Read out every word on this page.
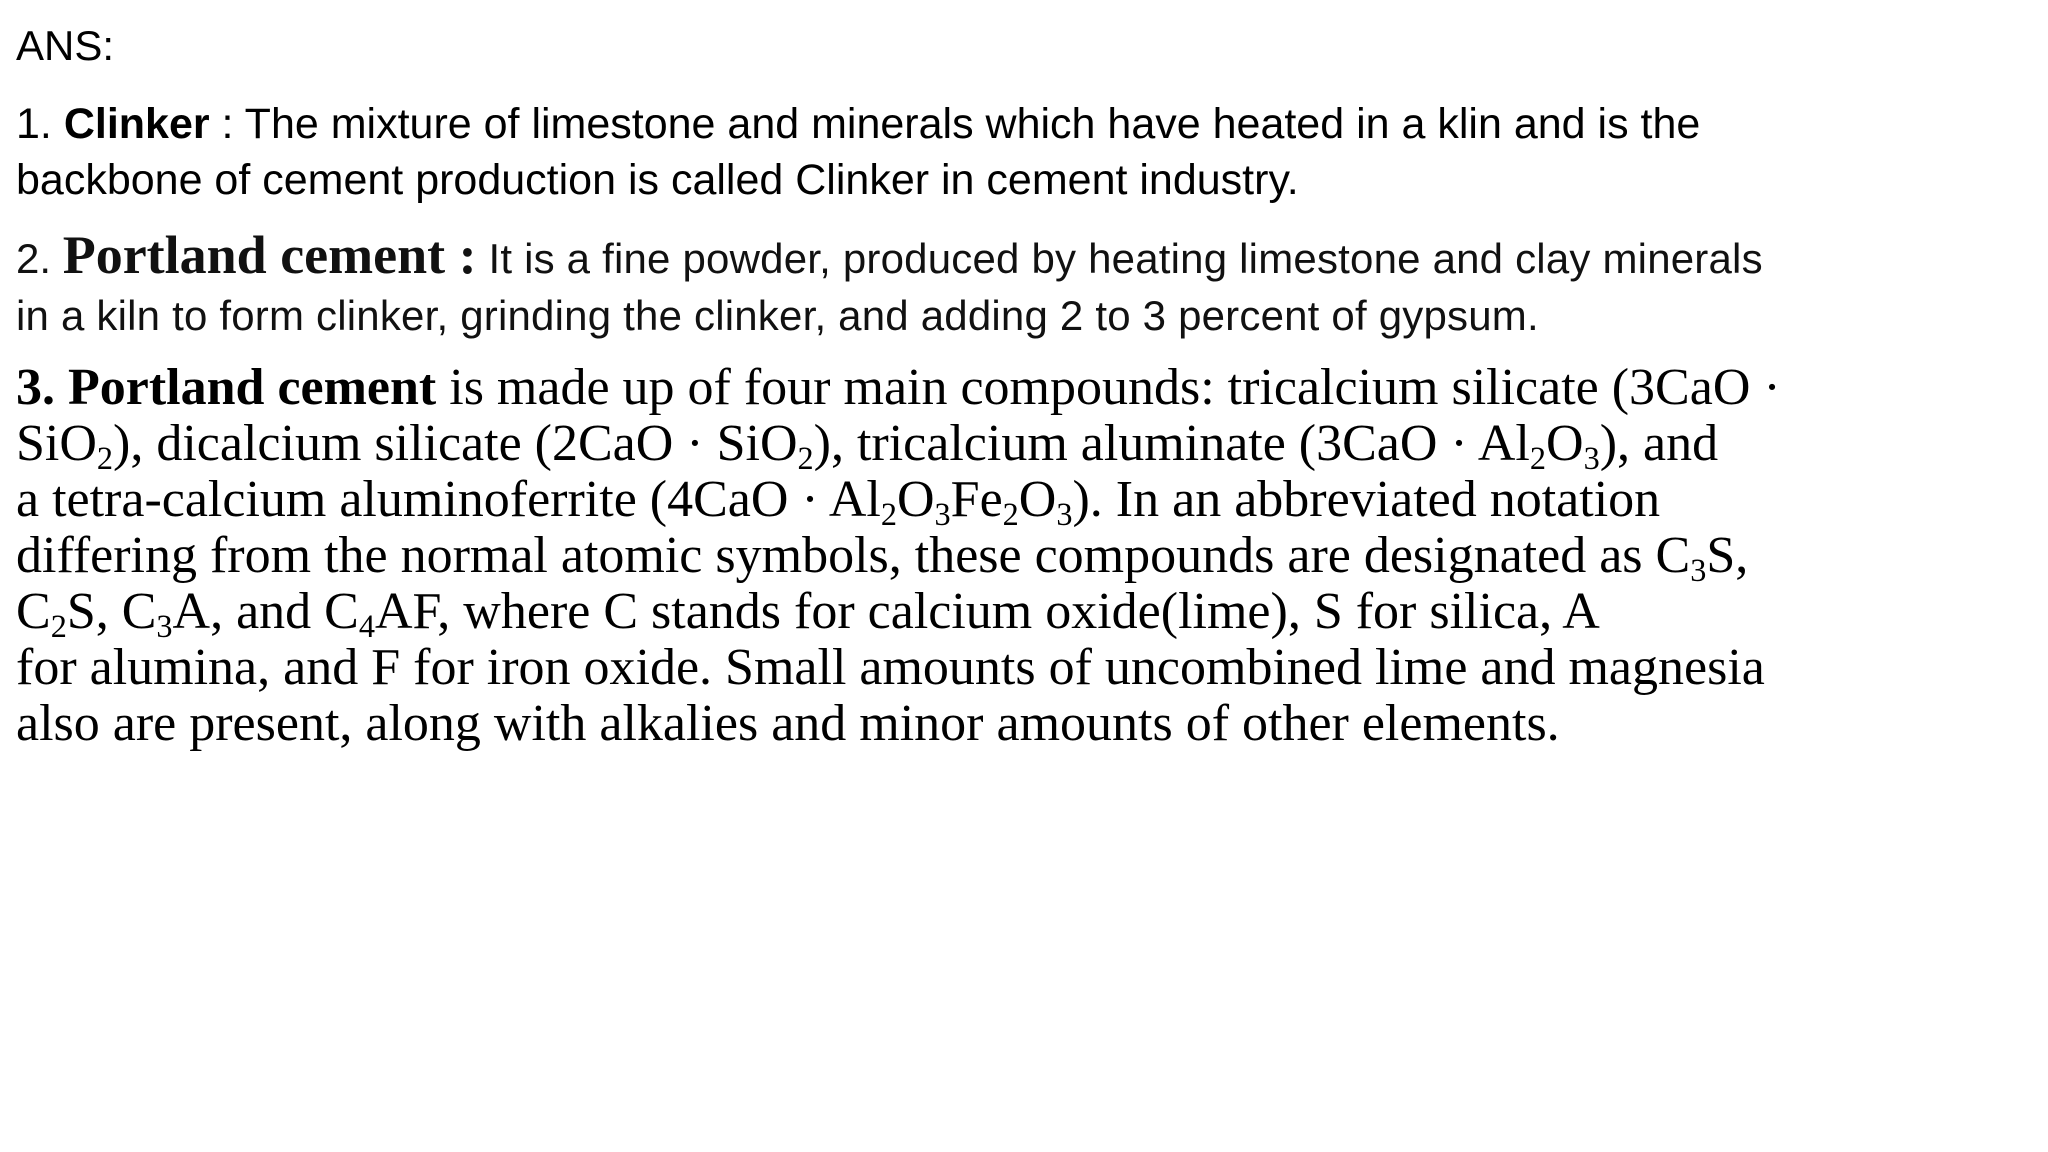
ANS:
1. Clinker : The mixture of limestone and minerals which have heated in a klin and is the
backbone of cement production is called Clinker in cement industry.
2. Portland cement : It is a fine powder, produced by heating limestone and clay minerals
in a kiln to form clinker, grinding the clinker, and adding 2 to 3 percent of gypsum.
3. Portland cement is made up of four main compounds: tricalcium silicate (3CaO ·
SiO$_2$), dicalcium silicate (2CaO · SiO$_2$), tricalcium aluminate $(3CaO \cdot Al_2O_3)$, and
a tetra-calcium aluminoferrite $(4CaO \cdot Al_2O_3Fe_2O_3)$. In an abbreviated notation
differing from the normal atomic symbols, these compounds are designated as $C_3S$,
$C_2S$, $C_3A$, and $C_4AF$, where C stands for calcium oxide(lime), S for silica, A
for alumina, and F for iron oxide. Small amounts of uncombined lime and magnesia
also are present, along with alkalies and minor amounts of other elements.
